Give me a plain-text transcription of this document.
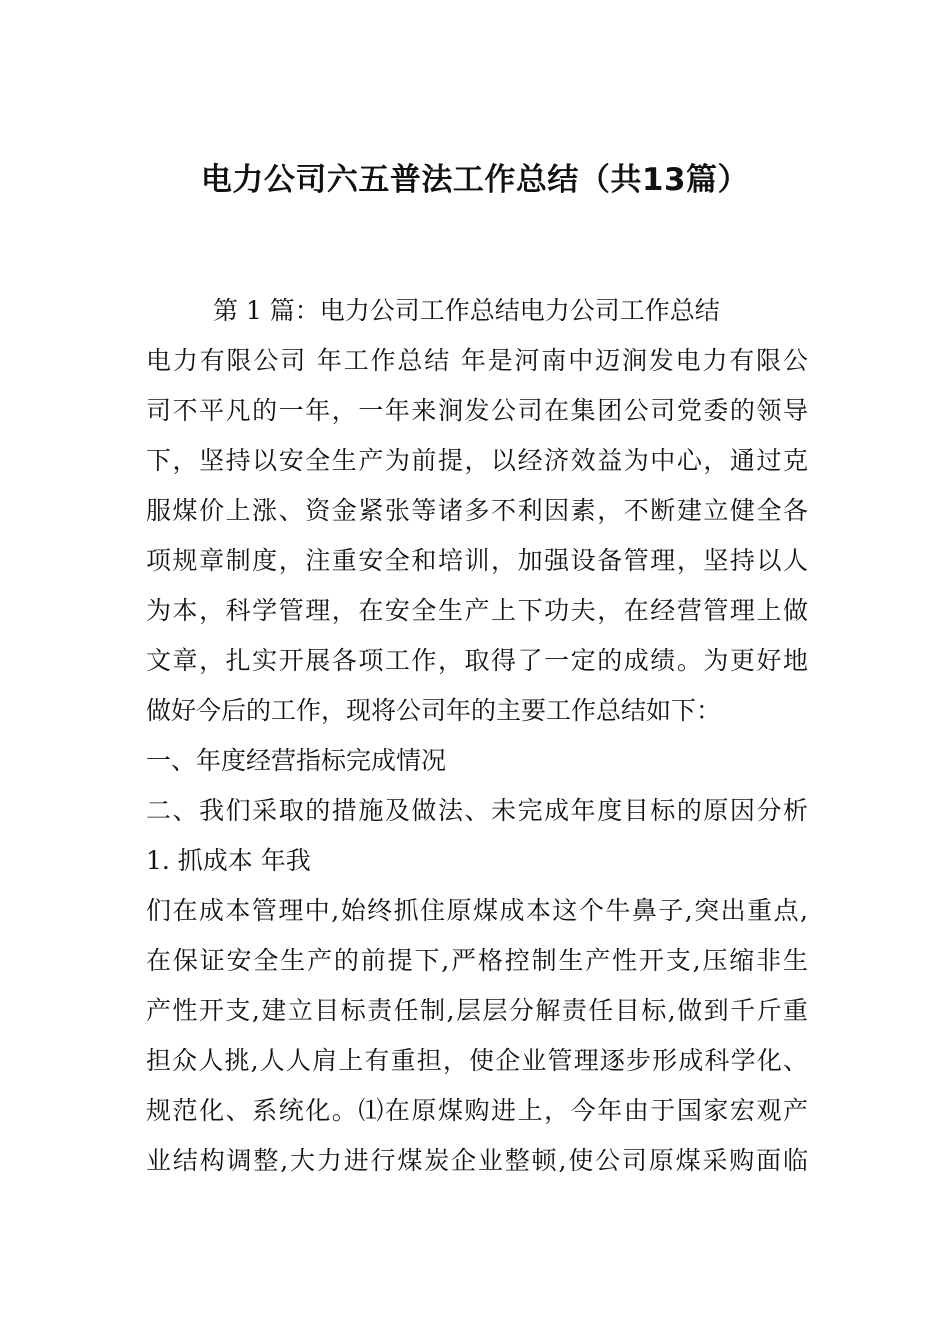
电力公司六五普法工作总结（共13篇）
第 1 篇：电力公司工作总结电力公司工作总结
电力有限公司 年工作总结 年是河南中迈涧发电力有限公
司不平凡的一年，一年来涧发公司在集团公司党委的领导
下，坚持以安全生产为前提，以经济效益为中心，通过克
服煤价上涨、资金紧张等诸多不利因素，不断建立健全各
项规章制度，注重安全和培训，加强设备管理，坚持以人
为本，科学管理，在安全生产上下功夫，在经营管理上做
文章，扎实开展各项工作，取得了一定的成绩。为更好地
做好今后的工作，现将公司年的主要工作总结如下：
一、年度经营指标完成情况
二、我们采取的措施及做法、未完成年度目标的原因分析
1. 抓成本 年我
们在成本管理中,始终抓住原煤成本这个牛鼻子,突出重点,
在保证安全生产的前提下,严格控制生产性开支,压缩非生
产性开支,建立目标责任制,层层分解责任目标,做到千斤重
担众人挑,人人肩上有重担，使企业管理逐步形成科学化、
规范化、系统化。⑴在原煤购进上，今年由于国家宏观产
业结构调整,大力进行煤炭企业整顿,使公司原煤采购面临
